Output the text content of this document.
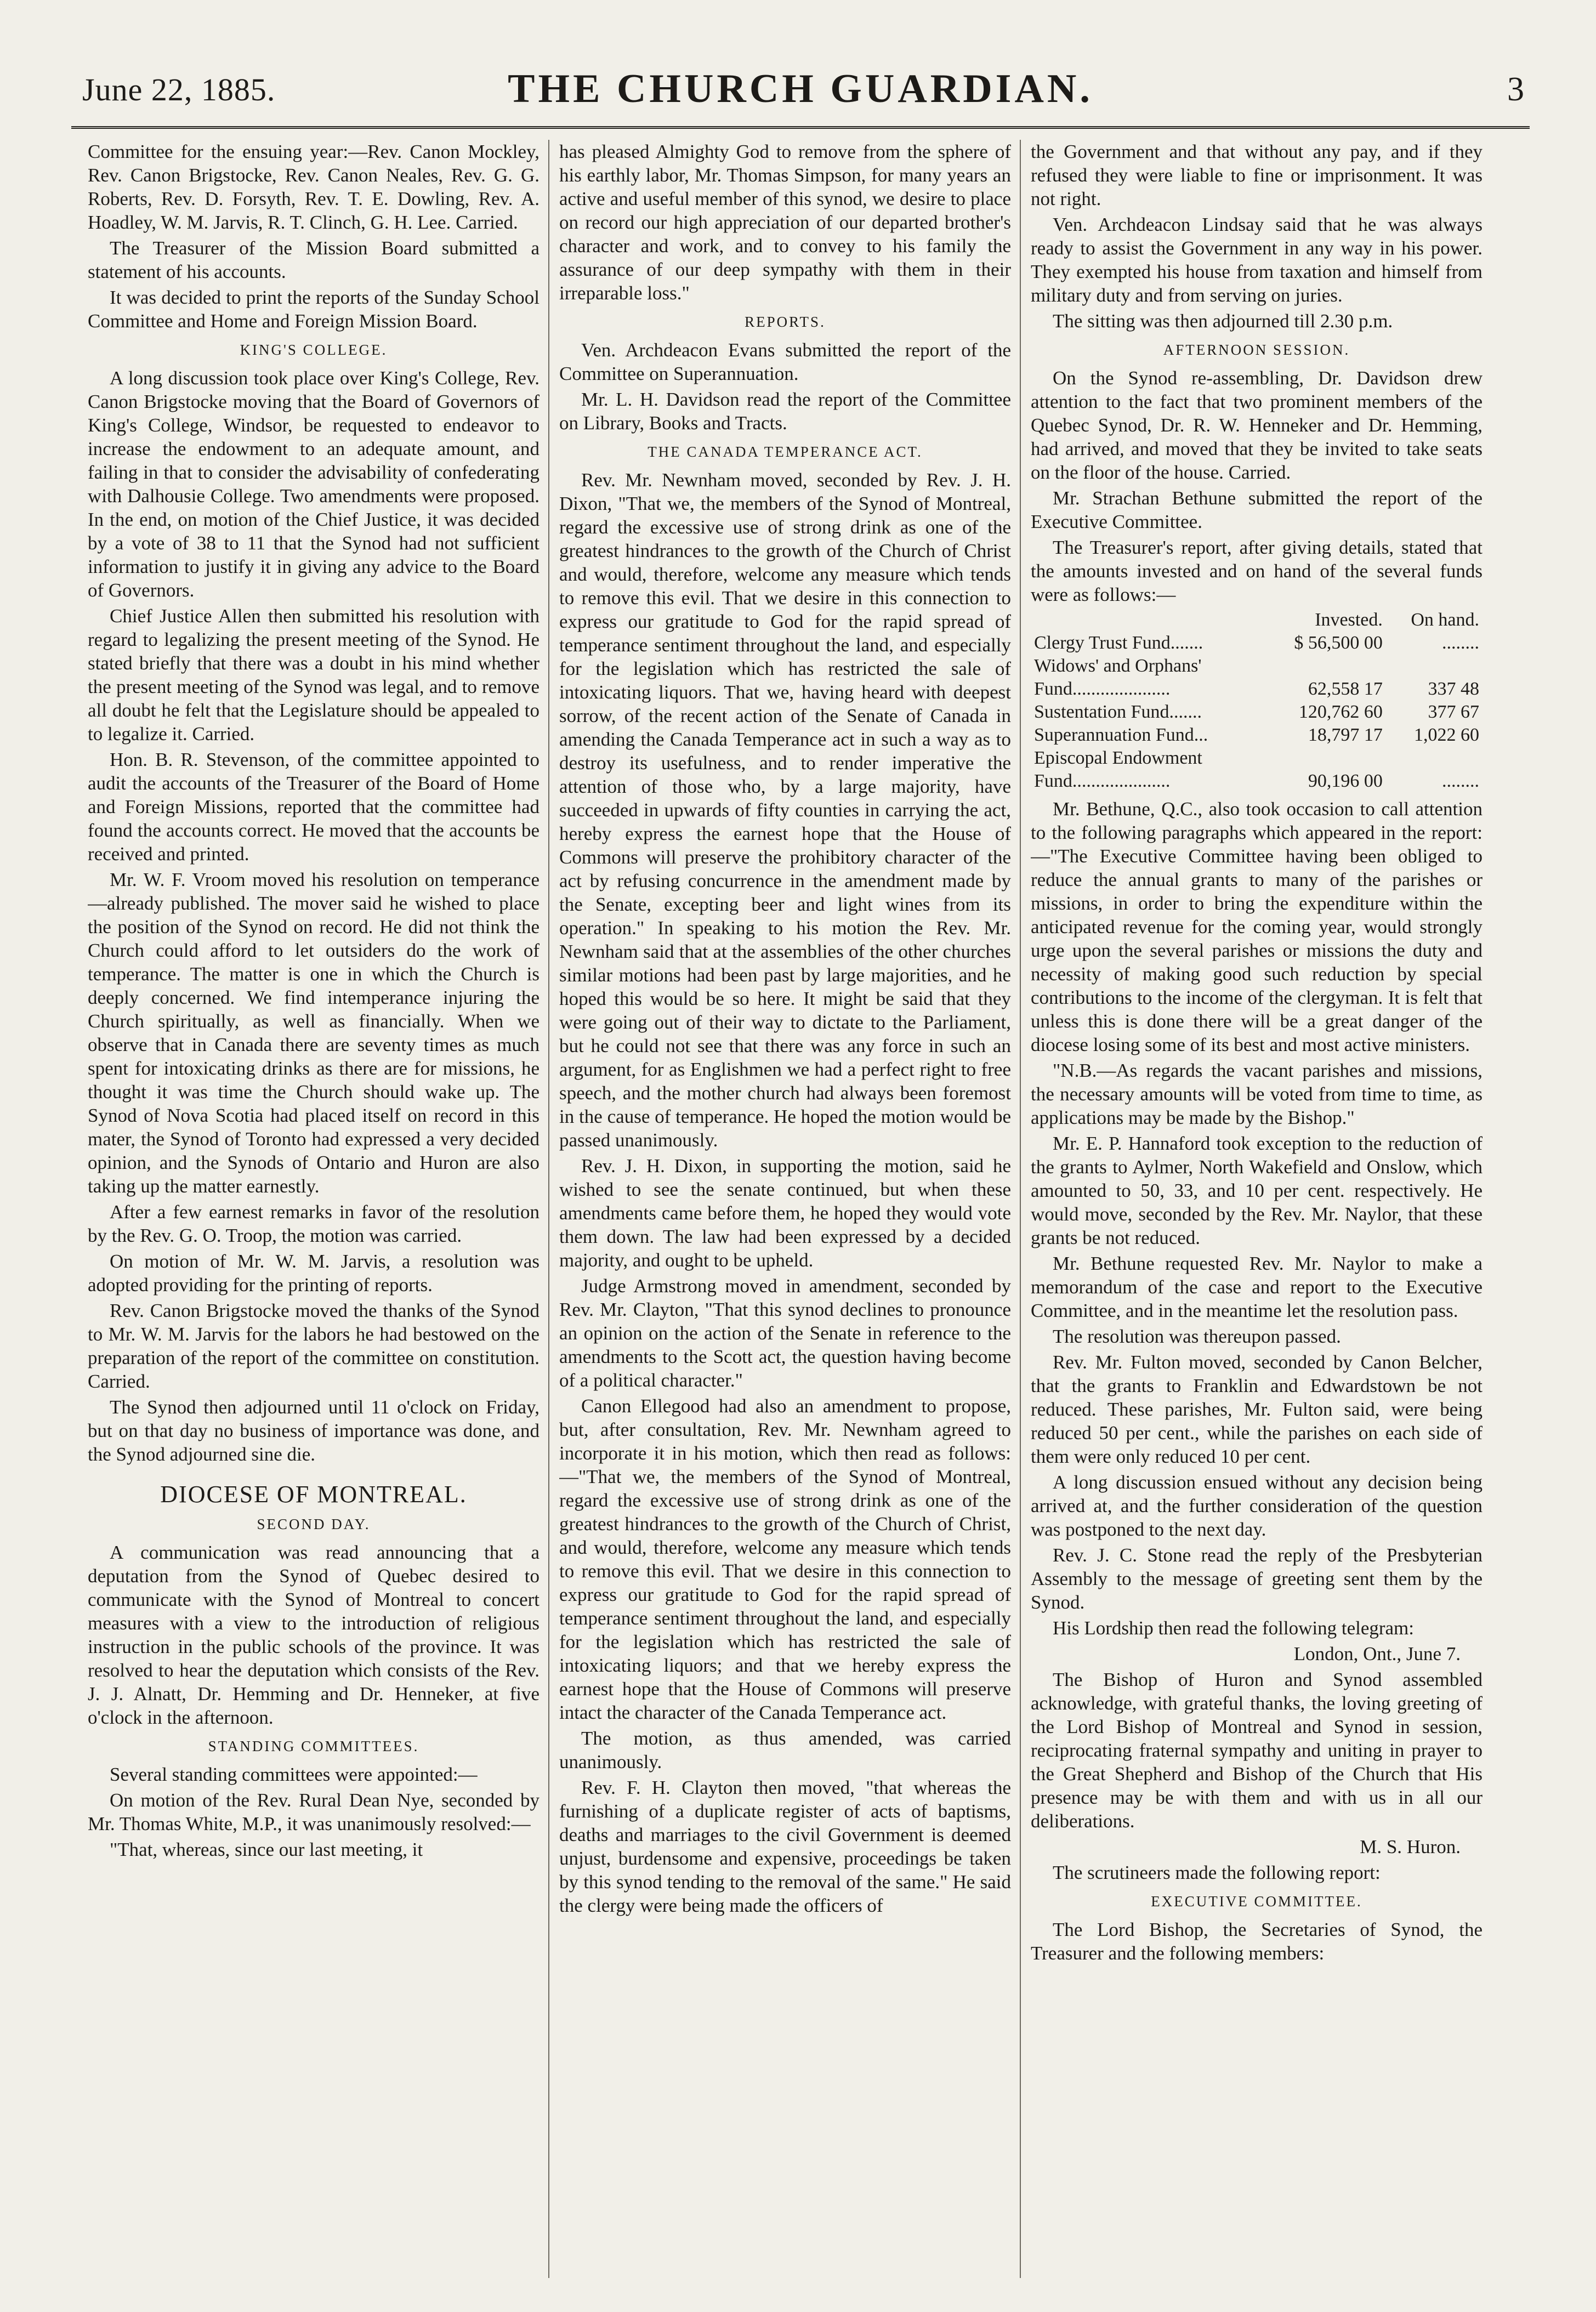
June 22, 1885.	THE CHURCH GUARDIAN.	3

Committee for the ensuing year:—Rev. Canon Mockley, Rev. Canon Brigstocke, Rev. Canon Neales, Rev. G. G. Roberts, Rev. D. Forsyth, Rev. T. E. Dowling, Rev. A. Hoadley, W. M. Jarvis, R. T. Clinch, G. H. Lee. Carried.

The Treasurer of the Mission Board submitted a statement of his accounts.

It was decided to print the reports of the Sunday School Committee and Home and Foreign Mission Board.

KING'S COLLEGE.

A long discussion took place over King's College, Rev. Canon Brigstocke moving that the Board of Governors of King's College, Windsor, be requested to endeavor to increase the endowment to an adequate amount, and failing in that to consider the advisability of confederating with Dalhousie College. Two amendments were proposed. In the end, on motion of the Chief Justice, it was decided by a vote of 38 to 11 that the Synod had not sufficient information to justify it in giving any advice to the Board of Governors.

Chief Justice Allen then submitted his resolution with regard to legalizing the present meeting of the Synod. He stated briefly that there was a doubt in his mind whether the present meeting of the Synod was legal, and to remove all doubt he felt that the Legislature should be appealed to to legalize it. Carried.

Hon. B. R. Stevenson, of the committee appointed to audit the accounts of the Treasurer of the Board of Home and Foreign Missions, reported that the committee had found the accounts correct. He moved that the accounts be received and printed.

Mr. W. F. Vroom moved his resolution on temperance—already published. The mover said he wished to place the position of the Synod on record. He did not think the Church could afford to let outsiders do the work of temperance. The matter is one in which the Church is deeply concerned. We find intemperance injuring the Church spiritually, as well as financially. When we observe that in Canada there are seventy times as much spent for intoxicating drinks as there are for missions, he thought it was time the Church should wake up. The Synod of Nova Scotia had placed itself on record in this mater, the Synod of Toronto had expressed a very decided opinion, and the Synods of Ontario and Huron are also taking up the matter earnestly.

After a few earnest remarks in favor of the resolution by the Rev. G. O. Troop, the motion was carried.

On motion of Mr. W. M. Jarvis, a resolution was adopted providing for the printing of reports.

Rev. Canon Brigstocke moved the thanks of the Synod to Mr. W. M. Jarvis for the labors he had bestowed on the preparation of the report of the committee on constitution. Carried.

The Synod then adjourned until 11 o'clock on Friday, but on that day no business of importance was done, and the Synod adjourned sine die.

DIOCESE OF MONTREAL.
SECOND DAY.

A communication was read announcing that a deputation from the Synod of Quebec desired to communicate with the Synod of Montreal to concert measures with a view to the introduction of religious instruction in the public schools of the province. It was resolved to hear the deputation which consists of the Rev. J. J. Alnatt, Dr. Hemming and Dr. Henneker, at five o'clock in the afternoon.

STANDING COMMITTEES.

Several standing committees were appointed:—

On motion of the Rev. Rural Dean Nye, seconded by Mr. Thomas White, M.P., it was unanimously resolved:—

"That, whereas, since our last meeting, it

has pleased Almighty God to remove from the sphere of his earthly labor, Mr. Thomas Simpson, for many years an active and useful member of this synod, we desire to place on record our high appreciation of our departed brother's character and work, and to convey to his family the assurance of our deep sympathy with them in their irreparable loss."

REPORTS.

Ven. Archdeacon Evans submitted the report of the Committee on Superannuation.

Mr. L. H. Davidson read the report of the Committee on Library, Books and Tracts.

THE CANADA TEMPERANCE ACT.

Rev. Mr. Newnham moved, seconded by Rev. J. H. Dixon, "That we, the members of the Synod of Montreal, regard the excessive use of strong drink as one of the greatest hindrances to the growth of the Church of Christ and would, therefore, welcome any measure which tends to remove this evil. That we desire in this connection to express our gratitude to God for the rapid spread of temperance sentiment throughout the land, and especially for the legislation which has restricted the sale of intoxicating liquors. That we, having heard with deepest sorrow, of the recent action of the Senate of Canada in amending the Canada Temperance act in such a way as to destroy its usefulness, and to render imperative the attention of those who, by a large majority, have succeeded in upwards of fifty counties in carrying the act, hereby express the earnest hope that the House of Commons will preserve the prohibitory character of the act by refusing concurrence in the amendment made by the Senate, excepting beer and light wines from its operation." In speaking to his motion the Rev. Mr. Newnham said that at the assemblies of the other churches similar motions had been past by large majorities, and he hoped this would be so here. It might be said that they were going out of their way to dictate to the Parliament, but he could not see that there was any force in such an argument, for as Englishmen we had a perfect right to free speech, and the mother church had always been foremost in the cause of temperance. He hoped the motion would be passed unanimously.

Rev. J. H. Dixon, in supporting the motion, said he wished to see the senate continued, but when these amendments came before them, he hoped they would vote them down. The law had been expressed by a decided majority, and ought to be upheld.

Judge Armstrong moved in amendment, seconded by Rev. Mr. Clayton, "That this synod declines to pronounce an opinion on the action of the Senate in reference to the amendments to the Scott act, the question having become of a political character."

Canon Ellegood had also an amendment to propose, but, after consultation, Rev. Mr. Newnham agreed to incorporate it in his motion, which then read as follows:—"That we, the members of the Synod of Montreal, regard the excessive use of strong drink as one of the greatest hindrances to the growth of the Church of Christ, and would, therefore, welcome any measure which tends to remove this evil. That we desire in this connection to express our gratitude to God for the rapid spread of temperance sentiment throughout the land, and especially for the legislation which has restricted the sale of intoxicating liquors; and that we hereby express the earnest hope that the House of Commons will preserve intact the character of the Canada Temperance act.

The motion, as thus amended, was carried unanimously.

Rev. F. H. Clayton then moved, "that whereas the furnishing of a duplicate register of acts of baptisms, deaths and marriages to the civil Government is deemed unjust, burdensome and expensive, proceedings be taken by this synod tending to the removal of the same." He said the clergy were being made the officers of

the Government and that without any pay, and if they refused they were liable to fine or imprisonment. It was not right.

Ven. Archdeacon Lindsay said that he was always ready to assist the Government in any way in his power. They exempted his house from taxation and himself from military duty and from serving on juries.

The sitting was then adjourned till 2.30 p.m.

AFTERNOON SESSION.

On the Synod re-assembling, Dr. Davidson drew attention to the fact that two prominent members of the Quebec Synod, Dr. R. W. Henneker and Dr. Hemming, had arrived, and moved that they be invited to take seats on the floor of the house. Carried.

Mr. Strachan Bethune submitted the report of the Executive Committee.

The Treasurer's report, after giving details, stated that the amounts invested and on hand of the several funds were as follows:—

	Invested.	On hand.
Clergy Trust Fund.......	$ 56,500 00	........
Widows' and Orphans'		
Fund.....................	62,558 17	337 48
Sustentation Fund.......	120,762 60	377 67
Superannuation Fund...	18,797 17	1,022 60
Episcopal Endowment		
Fund.....................	90,196 00	........

Mr. Bethune, Q.C., also took occasion to call attention to the following paragraphs which appeared in the report:—"The Executive Committee having been obliged to reduce the annual grants to many of the parishes or missions, in order to bring the expenditure within the anticipated revenue for the coming year, would strongly urge upon the several parishes or missions the duty and necessity of making good such reduction by special contributions to the income of the clergyman. It is felt that unless this is done there will be a great danger of the diocese losing some of its best and most active ministers.

"N.B.—As regards the vacant parishes and missions, the necessary amounts will be voted from time to time, as applications may be made by the Bishop."

Mr. E. P. Hannaford took exception to the reduction of the grants to Aylmer, North Wakefield and Onslow, which amounted to 50, 33, and 10 per cent. respectively. He would move, seconded by the Rev. Mr. Naylor, that these grants be not reduced.

Mr. Bethune requested Rev. Mr. Naylor to make a memorandum of the case and report to the Executive Committee, and in the meantime let the resolution pass.

The resolution was thereupon passed.

Rev. Mr. Fulton moved, seconded by Canon Belcher, that the grants to Franklin and Edwardstown be not reduced. These parishes, Mr. Fulton said, were being reduced 50 per cent., while the parishes on each side of them were only reduced 10 per cent.

A long discussion ensued without any decision being arrived at, and the further consideration of the question was postponed to the next day.

Rev. J. C. Stone read the reply of the Presbyterian Assembly to the message of greeting sent them by the Synod.

His Lordship then read the following telegram:

London, Ont., June 7.

The Bishop of Huron and Synod assembled acknowledge, with grateful thanks, the loving greeting of the Lord Bishop of Montreal and Synod in session, reciprocating fraternal sympathy and uniting in prayer to the Great Shepherd and Bishop of the Church that His presence may be with them and with us in all our deliberations.

M. S. Huron.

The scrutineers made the following report:

EXECUTIVE COMMITTEE.

The Lord Bishop, the Secretaries of Synod, the Treasurer and the following members:
